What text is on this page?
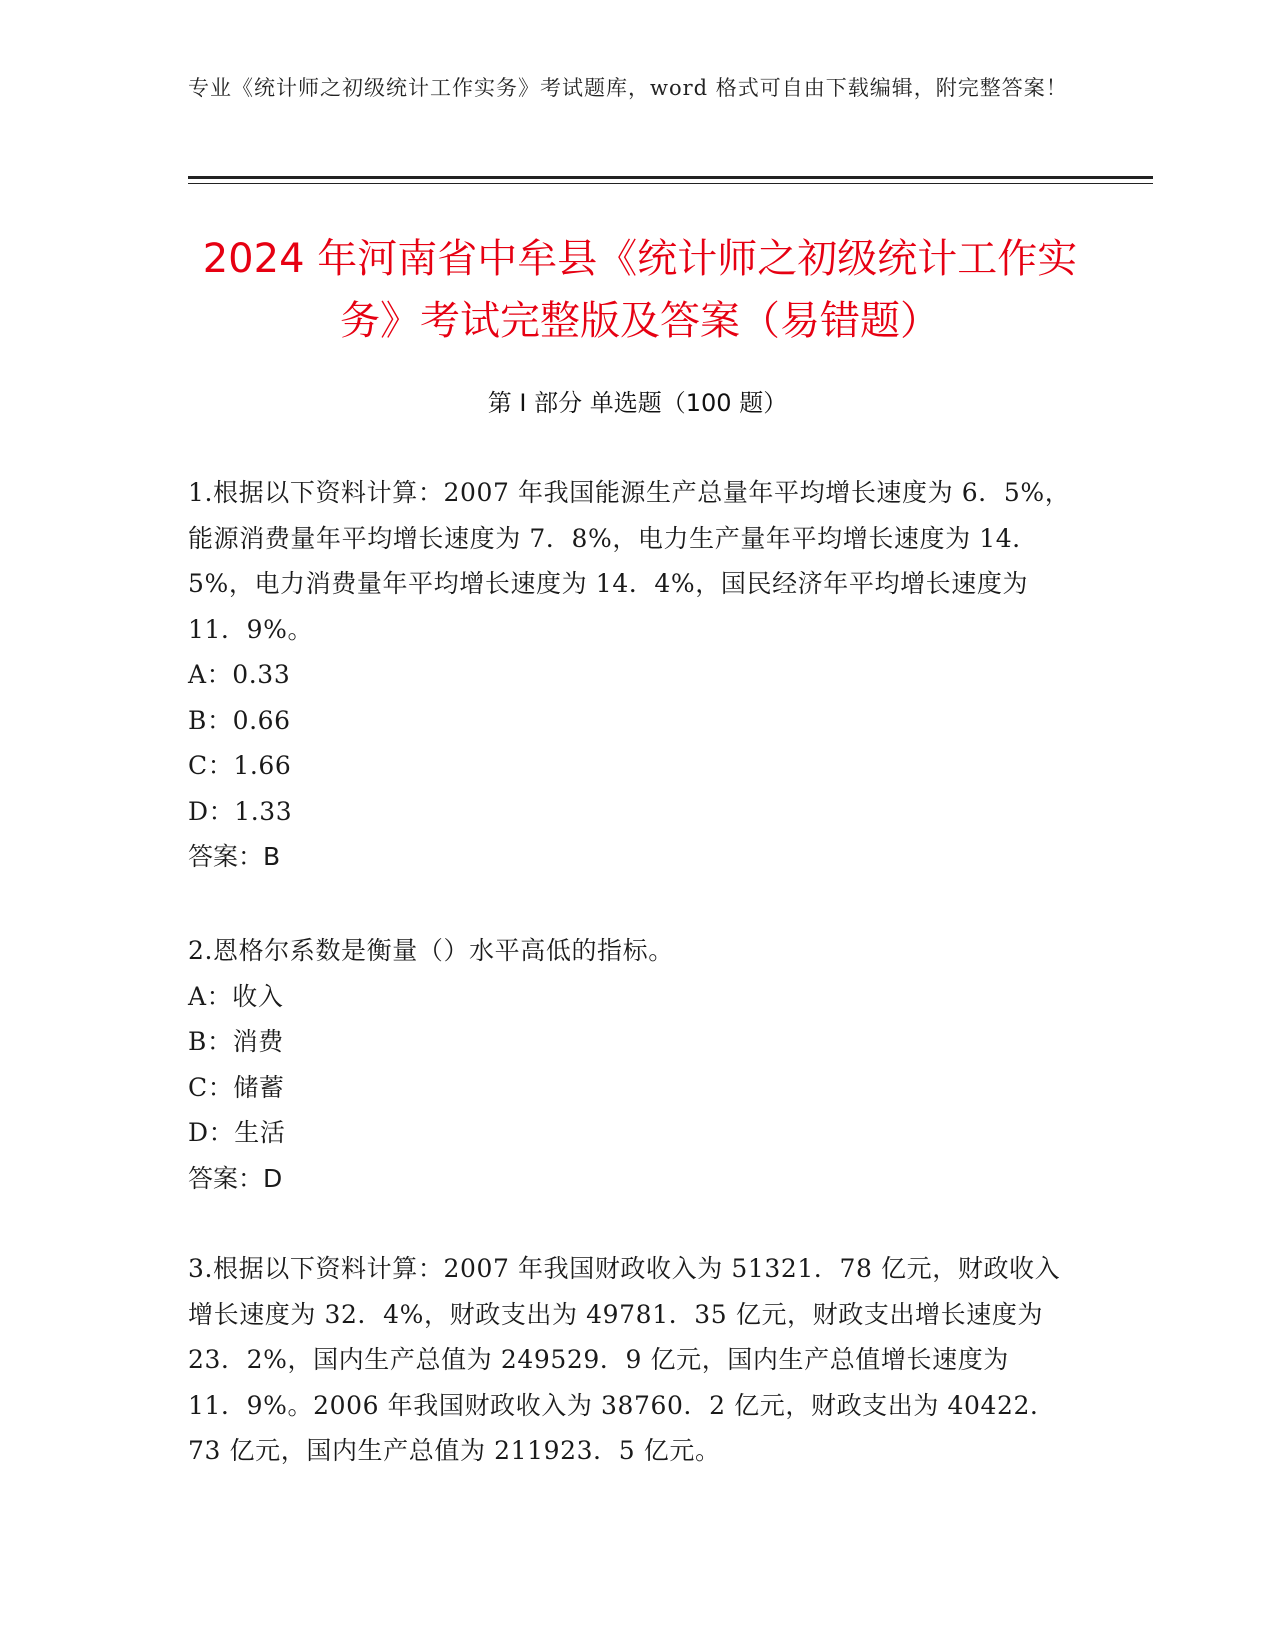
专业《统计师之初级统计工作实务》考试题库，word 格式可自由下载编辑，附完整答案！
2024 年河南省中牟县《统计师之初级统计工作实务》考试完整版及答案（易错题）
第 I 部分 单选题（100 题）

1.根据以下资料计算：2007 年我国能源生产总量年平均增长速度为 6．5%，能源消费量年平均增长速度为 7．8%，电力生产量年平均增长速度为 14．5%，电力消费量年平均增长速度为 14．4%，国民经济年平均增长速度为 11．9%。

A：0.33

B：0.66

C：1.66

D：1.33

答案：B

2.恩格尔系数是衡量（）水平高低的指标。

A：收入

B：消费

C：储蓄

D：生活

答案：D

3.根据以下资料计算：2007 年我国财政收入为 51321．78 亿元，财政收入增长速度为 32．4%，财政支出为 49781．35 亿元，财政支出增长速度为 23．2%，国内生产总值为 249529．9 亿元，国内生产总值增长速度为 11．9%。2006 年我国财政收入为 38760．2 亿元，财政支出为 40422．73 亿元，国内生产总值为 211923．5 亿元。
